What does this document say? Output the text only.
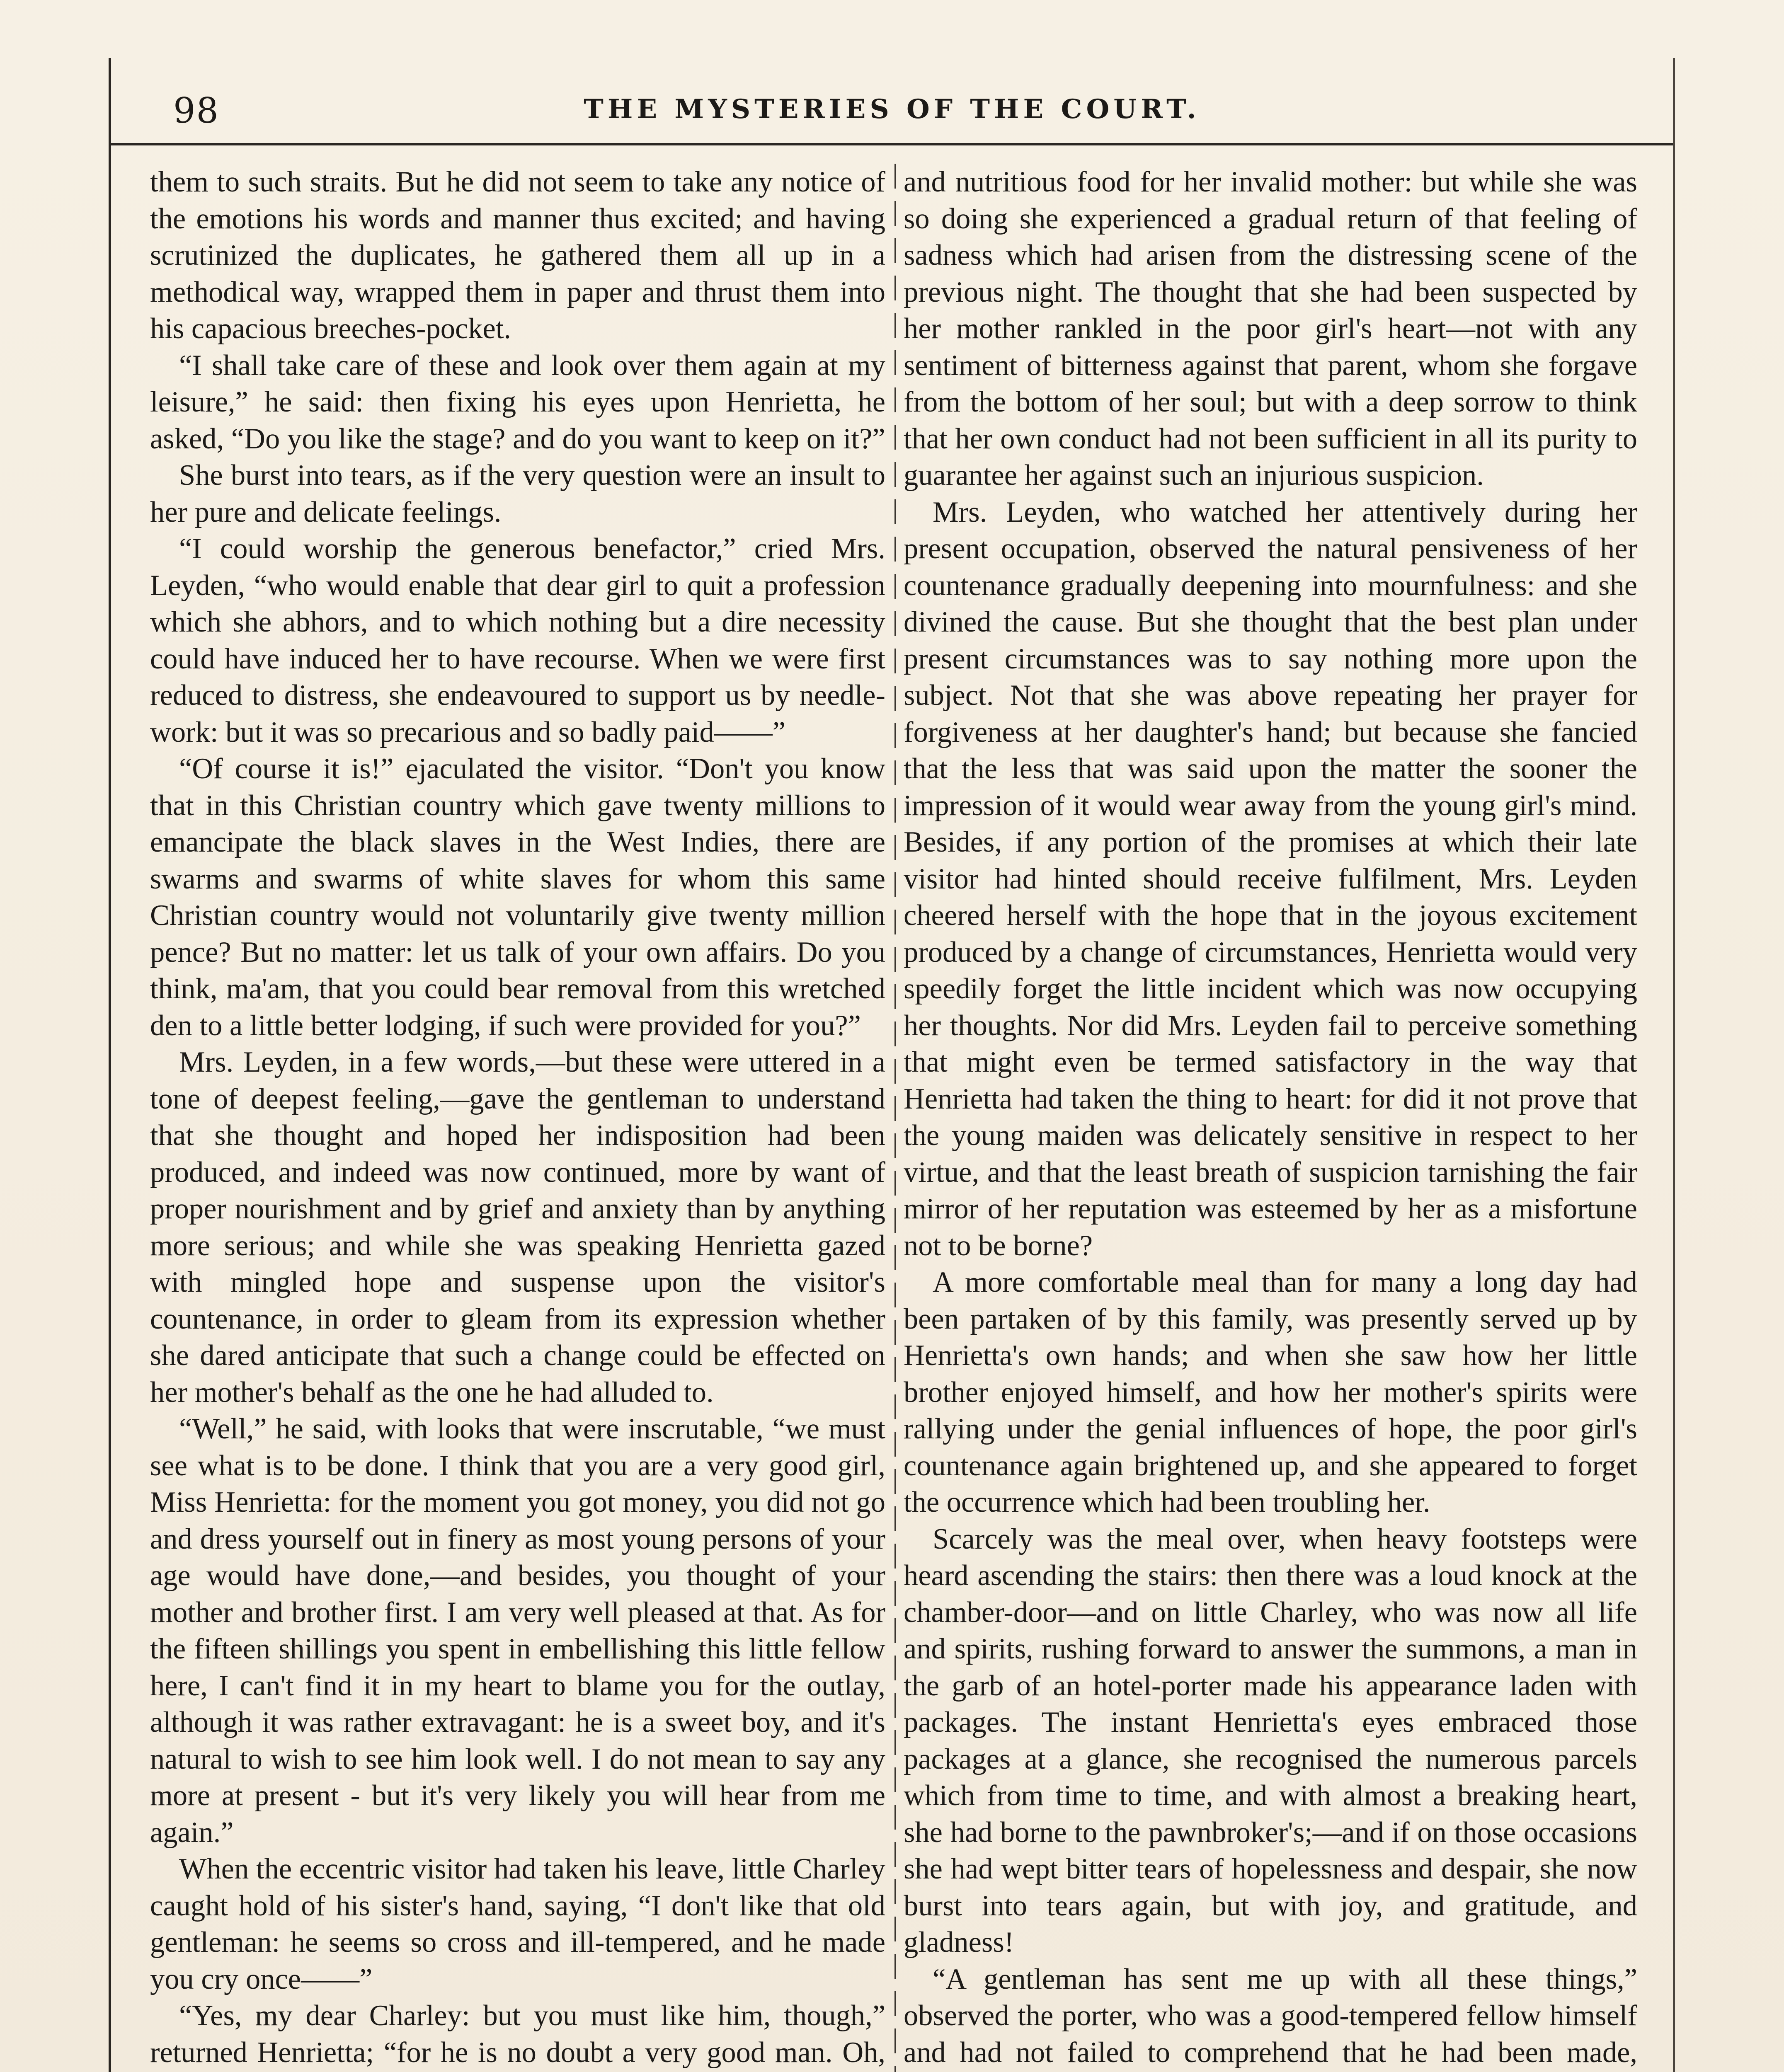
98	THE MYSTERIES OF THE COURT.

them to such straits. But he did not seem to take any notice of the emotions his words and manner thus excited; and having scrutinized the duplicates, he gathered them all up in a methodical way, wrapped them in paper and thrust them into his capacious breeches-pocket.

“I shall take care of these and look over them again at my leisure,” he said: then fixing his eyes upon Henrietta, he asked, “Do you like the stage? and do you want to keep on it?”

She burst into tears, as if the very question were an insult to her pure and delicate feelings.

“I could worship the generous benefactor,” cried Mrs. Leyden, “who would enable that dear girl to quit a profession which she abhors, and to which nothing but a dire necessity could have induced her to have recourse. When we were first reduced to distress, she endeavoured to support us by needle-work: but it was so precarious and so badly paid——”

“Of course it is!” ejaculated the visitor. “Don't you know that in this Christian country which gave twenty millions to emancipate the black slaves in the West Indies, there are swarms and swarms of white slaves for whom this same Christian country would not voluntarily give twenty million pence? But no matter: let us talk of your own affairs. Do you think, ma'am, that you could bear removal from this wretched den to a little better lodging, if such were provided for you?”

Mrs. Leyden, in a few words,—but these were uttered in a tone of deepest feeling,—gave the gentleman to understand that she thought and hoped her indisposition had been produced, and indeed was now continued, more by want of proper nourishment and by grief and anxiety than by anything more serious; and while she was speaking Henrietta gazed with mingled hope and suspense upon the visitor's countenance, in order to gleam from its expression whether she dared anticipate that such a change could be effected on her mother's behalf as the one he had alluded to.

“Well,” he said, with looks that were inscrutable, “we must see what is to be done. I think that you are a very good girl, Miss Henrietta: for the moment you got money, you did not go and dress yourself out in finery as most young persons of your age would have done,—and besides, you thought of your mother and brother first. I am very well pleased at that. As for the fifteen shillings you spent in embellishing this little fellow here, I can't find it in my heart to blame you for the outlay, although it was rather extravagant: he is a sweet boy, and it's natural to wish to see him look well. I do not mean to say any more at present - but it's very likely you will hear from me again.”

When the eccentric visitor had taken his leave, little Charley caught hold of his sister's hand, saying, “I don't like that old gentleman: he seems so cross and ill-tempered, and he made you cry once——”

“Yes, my dear Charley: but you must like him, though,” returned Henrietta; “for he is no doubt a very good man. Oh,

and nutritious food for her invalid mother: but while she was so doing she experienced a gradual return of that feeling of sadness which had arisen from the distressing scene of the previous night. The thought that she had been suspected by her mother rankled in the poor girl's heart—not with any sentiment of bitterness against that parent, whom she forgave from the bottom of her soul; but with a deep sorrow to think that her own conduct had not been sufficient in all its purity to guarantee her against such an injurious suspicion.

Mrs. Leyden, who watched her attentively during her present occupation, observed the natural pensiveness of her countenance gradually deepening into mournfulness: and she divined the cause. But she thought that the best plan under present circumstances was to say nothing more upon the subject. Not that she was above repeating her prayer for forgiveness at her daughter's hand; but because she fancied that the less that was said upon the matter the sooner the impression of it would wear away from the young girl's mind. Besides, if any portion of the promises at which their late visitor had hinted should receive fulfilment, Mrs. Leyden cheered herself with the hope that in the joyous excitement produced by a change of circumstances, Henrietta would very speedily forget the little incident which was now occupying her thoughts. Nor did Mrs. Leyden fail to perceive something that might even be termed satisfactory in the way that Henrietta had taken the thing to heart: for did it not prove that the young maiden was delicately sensitive in respect to her virtue, and that the least breath of suspicion tarnishing the fair mirror of her reputation was esteemed by her as a misfortune not to be borne?

A more comfortable meal than for many a long day had been partaken of by this family, was presently served up by Henrietta's own hands; and when she saw how her little brother enjoyed himself, and how her mother's spirits were rallying under the genial influences of hope, the poor girl's countenance again brightened up, and she appeared to forget the occurrence which had been troubling her.

Scarcely was the meal over, when heavy footsteps were heard ascending the stairs: then there was a loud knock at the chamber-door—and on little Charley, who was now all life and spirits, rushing forward to answer the summons, a man in the garb of an hotel-porter made his appearance laden with packages. The instant Henrietta's eyes embraced those packages at a glance, she recognised the numerous parcels which from time to time, and with almost a breaking heart, she had borne to the pawnbroker's;—and if on those occasions she had wept bitter tears of hopelessness and despair, she now burst into tears again, but with joy, and gratitude, and gladness!

“A gentleman has sent me up with all these things,” observed the porter, who was a good-tempered fellow himself and had not failed to comprehend that he had been made,
